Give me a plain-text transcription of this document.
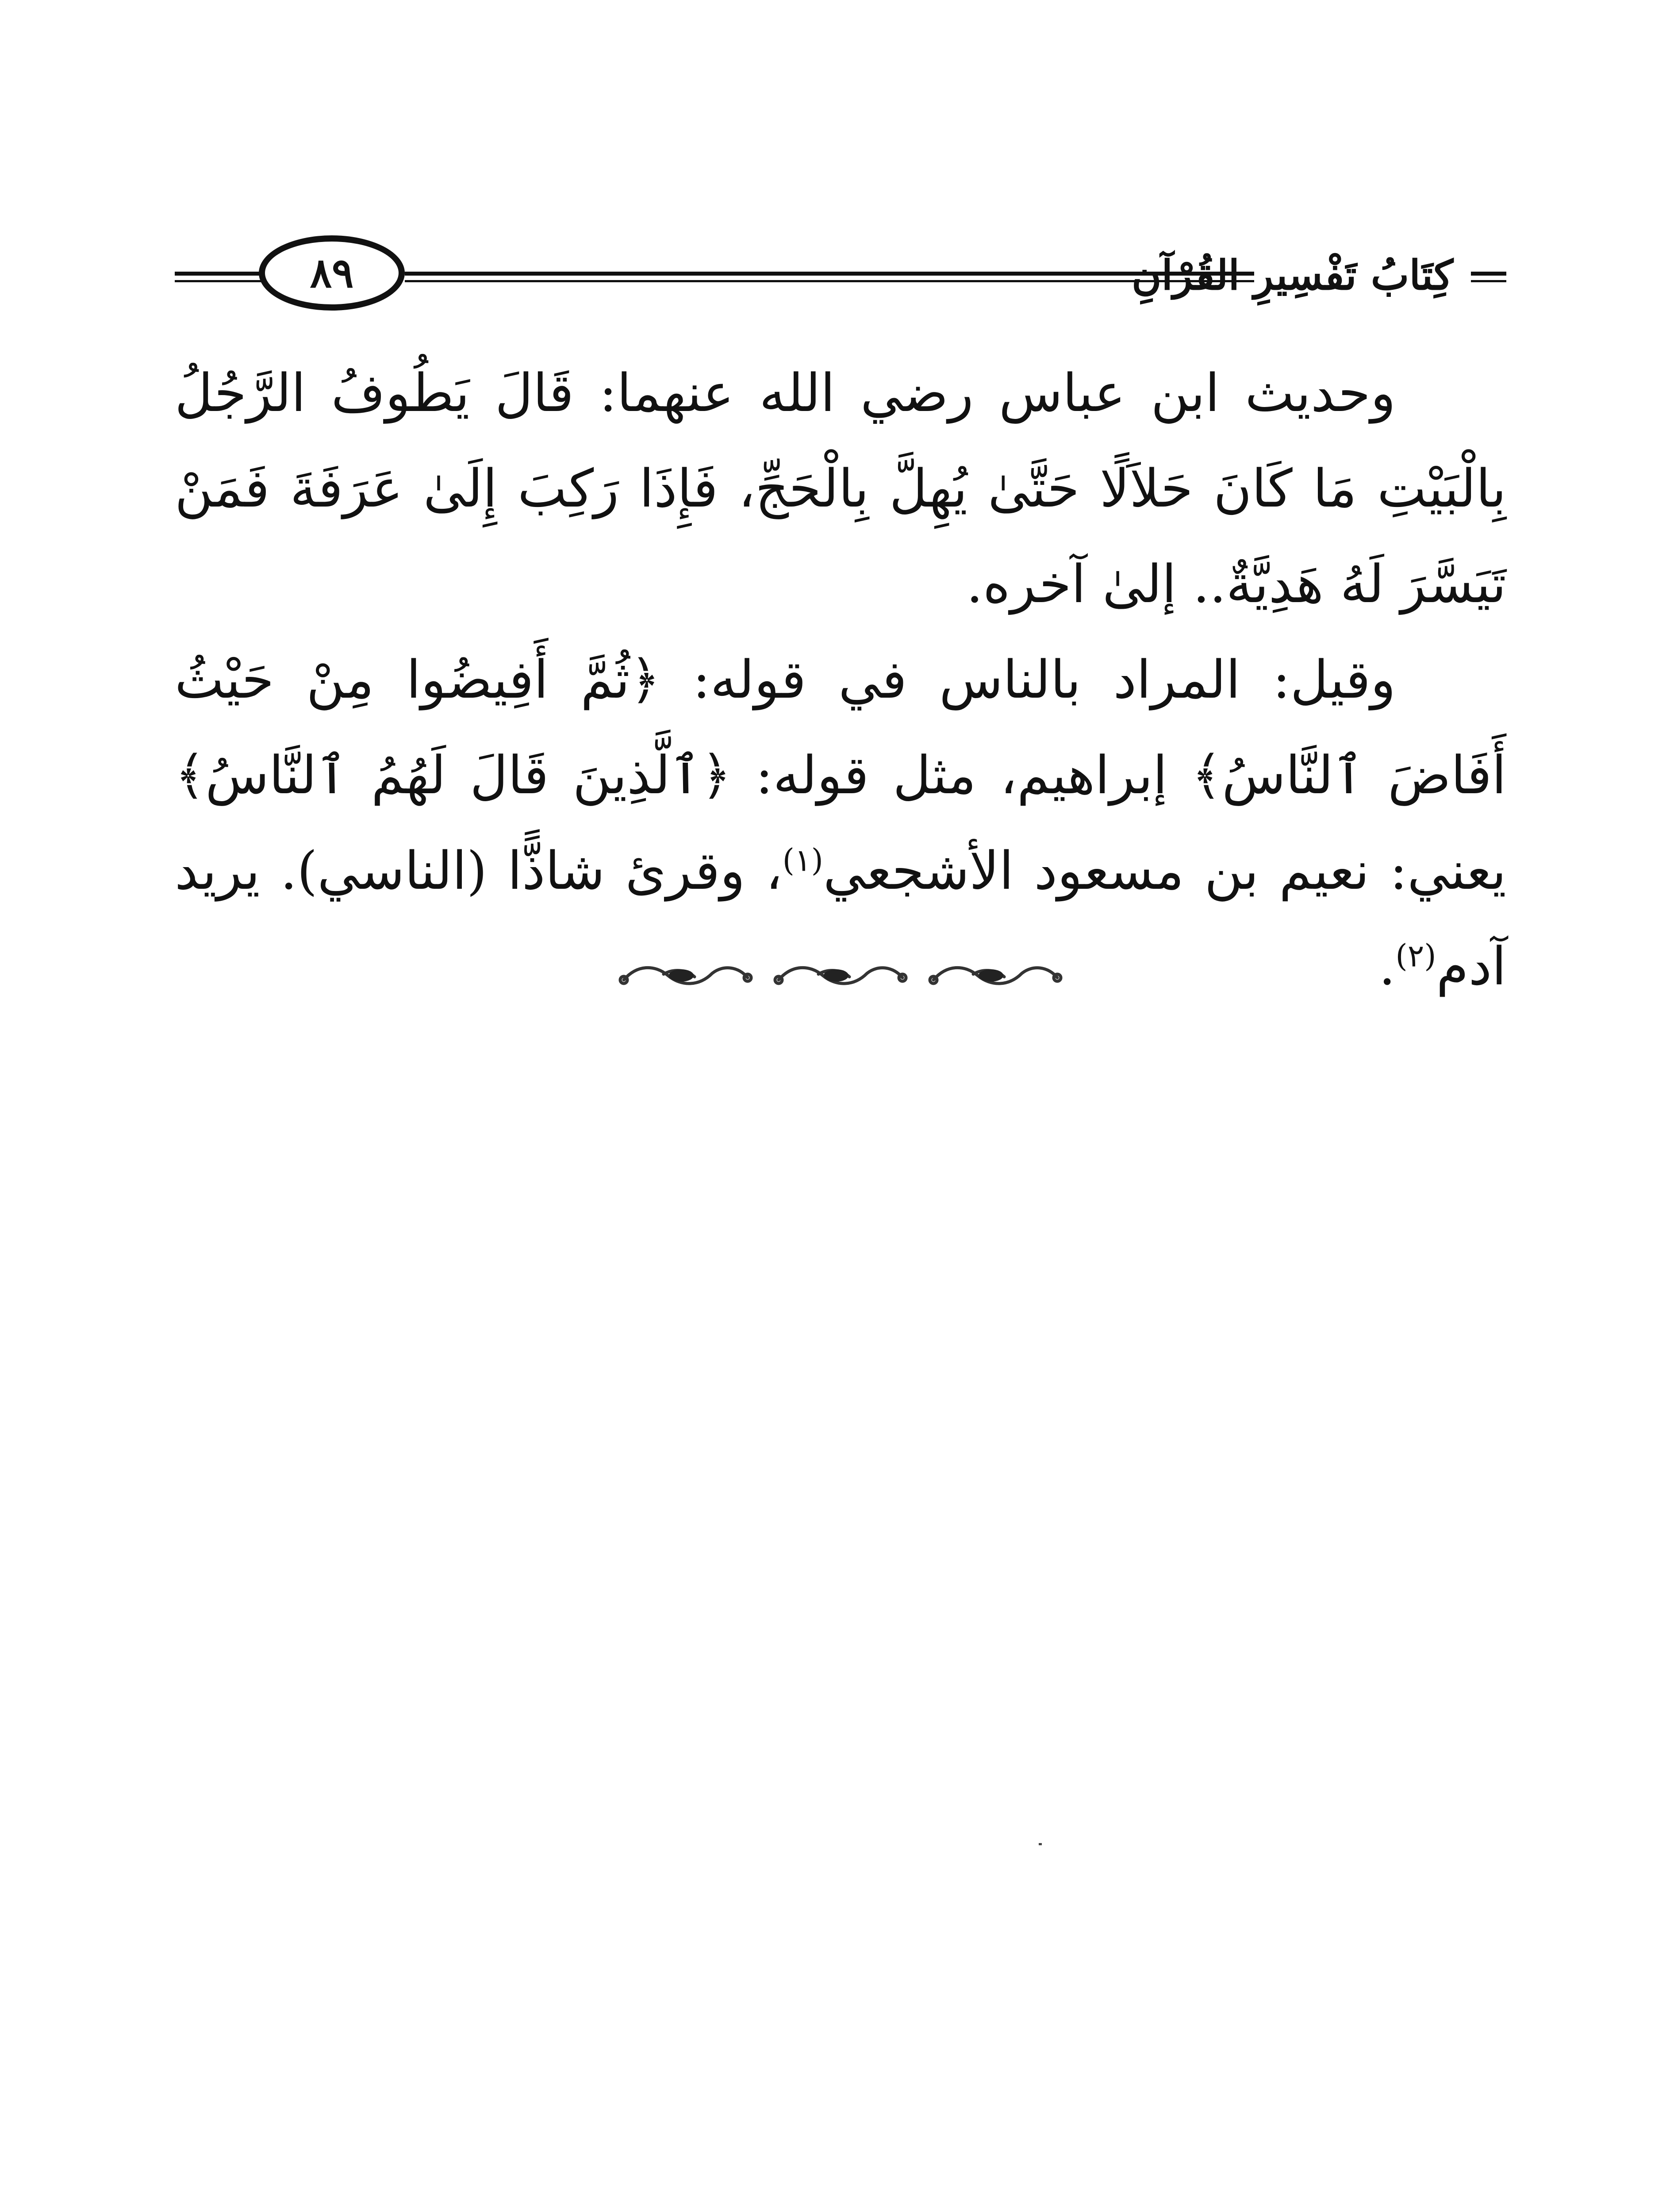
٨٩	كِتَابُ تَفْسِيرِ القُرْآنِ

وحديث ابن عباس رضي الله عنهما: قَالَ يَطُوفُ الرَّجُلُ بِالْبَيْتِ مَا كَانَ حَلاَلًا حَتَّىٰ يُهِلَّ بِالْحَجِّ، فَإِذَا رَكِبَ إِلَىٰ عَرَفَةَ فَمَنْ تَيَسَّرَ لَهُ هَدِيَّةٌ.. إلىٰ آخره.

وقيل: المراد بالناس في قوله: ﴿ثُمَّ أَفِيضُوا مِنْ حَيْثُ أَفَاضَ ٱلنَّاسُ﴾ إبراهيم، مثل قوله: ﴿ٱلَّذِينَ قَالَ لَهُمُ ٱلنَّاسُ﴾ يعني: نعيم بن مسعود الأشجعي$^{(١)}$، وقرئ شاذًّا (الناسي). يريد آدم$^{(٢)}$.
